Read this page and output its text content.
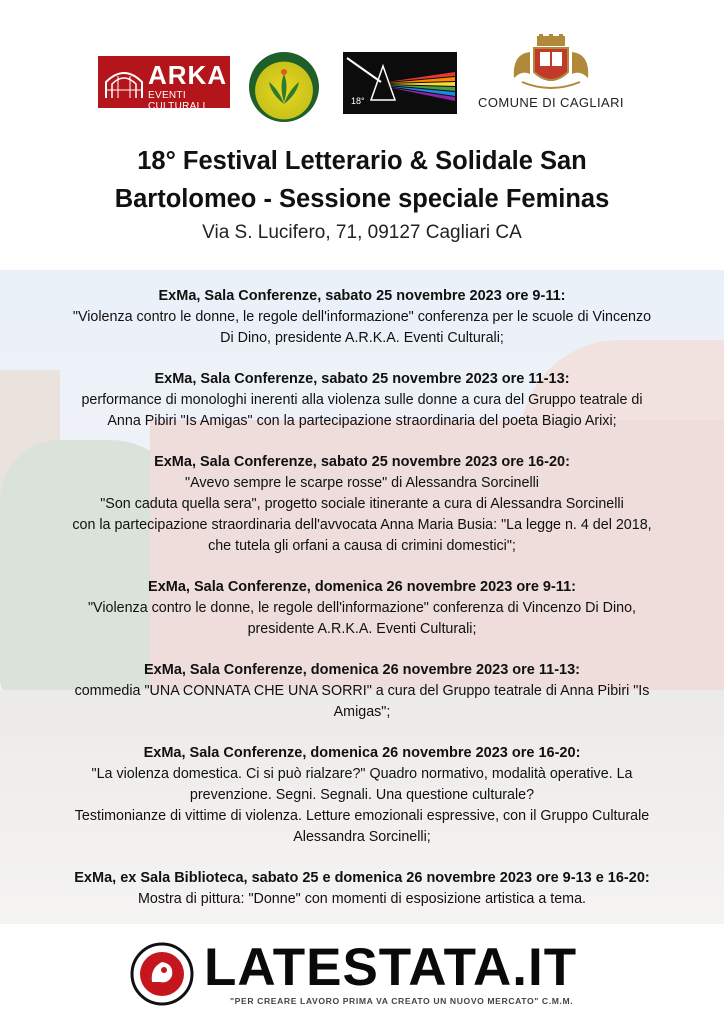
ARKA
EVENTI CULTURALI	18°	COMUNE DI CAGLIARI
18° Festival Letterario & Solidale San
Bartolomeo - Sessione speciale Feminas
Via S. Lucifero, 71, 09127 Cagliari CA
ExMa, Sala Conferenze, sabato 25 novembre 2023 ore 9-11:
"Violenza contro le donne, le regole dell'informazione" conferenza per le scuole di Vincenzo
Di Dino, presidente A.R.K.A. Eventi Culturali;
ExMa, Sala Conferenze, sabato 25 novembre 2023 ore 11-13:
performance di monologhi inerenti alla violenza sulle donne a cura del Gruppo teatrale di
Anna Pibiri "Is Amigas" con la partecipazione straordinaria del poeta Biagio Arixi;
ExMa, Sala Conferenze, sabato 25 novembre 2023 ore 16-20:
"Avevo sempre le scarpe rosse" di Alessandra Sorcinelli
"Son caduta quella sera", progetto sociale itinerante a cura di Alessandra Sorcinelli
con la partecipazione straordinaria dell'avvocata Anna Maria Busia: "La legge n. 4 del 2018,
che tutela gli orfani a causa di crimini domestici";
ExMa, Sala Conferenze, domenica 26 novembre 2023 ore 9-11:
"Violenza contro le donne, le regole dell'informazione" conferenza di Vincenzo Di Dino,
presidente A.R.K.A. Eventi Culturali;
ExMa, Sala Conferenze, domenica 26 novembre 2023 ore 11-13:
commedia "UNA CONNATA CHE UNA SORRI" a cura del Gruppo teatrale di Anna Pibiri "Is
Amigas";
ExMa, Sala Conferenze, domenica 26 novembre 2023 ore 16-20:
"La violenza domestica. Ci si può rialzare?" Quadro normativo, modalità operative. La
prevenzione. Segni. Segnali. Una questione culturale?
Testimonianze di vittime di violenza. Letture emozionali espressive, con il Gruppo Culturale
Alessandra Sorcinelli;
ExMa, ex Sala Biblioteca, sabato 25 e domenica 26 novembre 2023 ore 9-13 e 16-20:
Mostra di pittura: "Donne" con momenti di esposizione artistica a tema.
LATESTATA.IT
"PER CREARE LAVORO PRIMA VA CREATO UN NUOVO MERCATO" C.M.M.
